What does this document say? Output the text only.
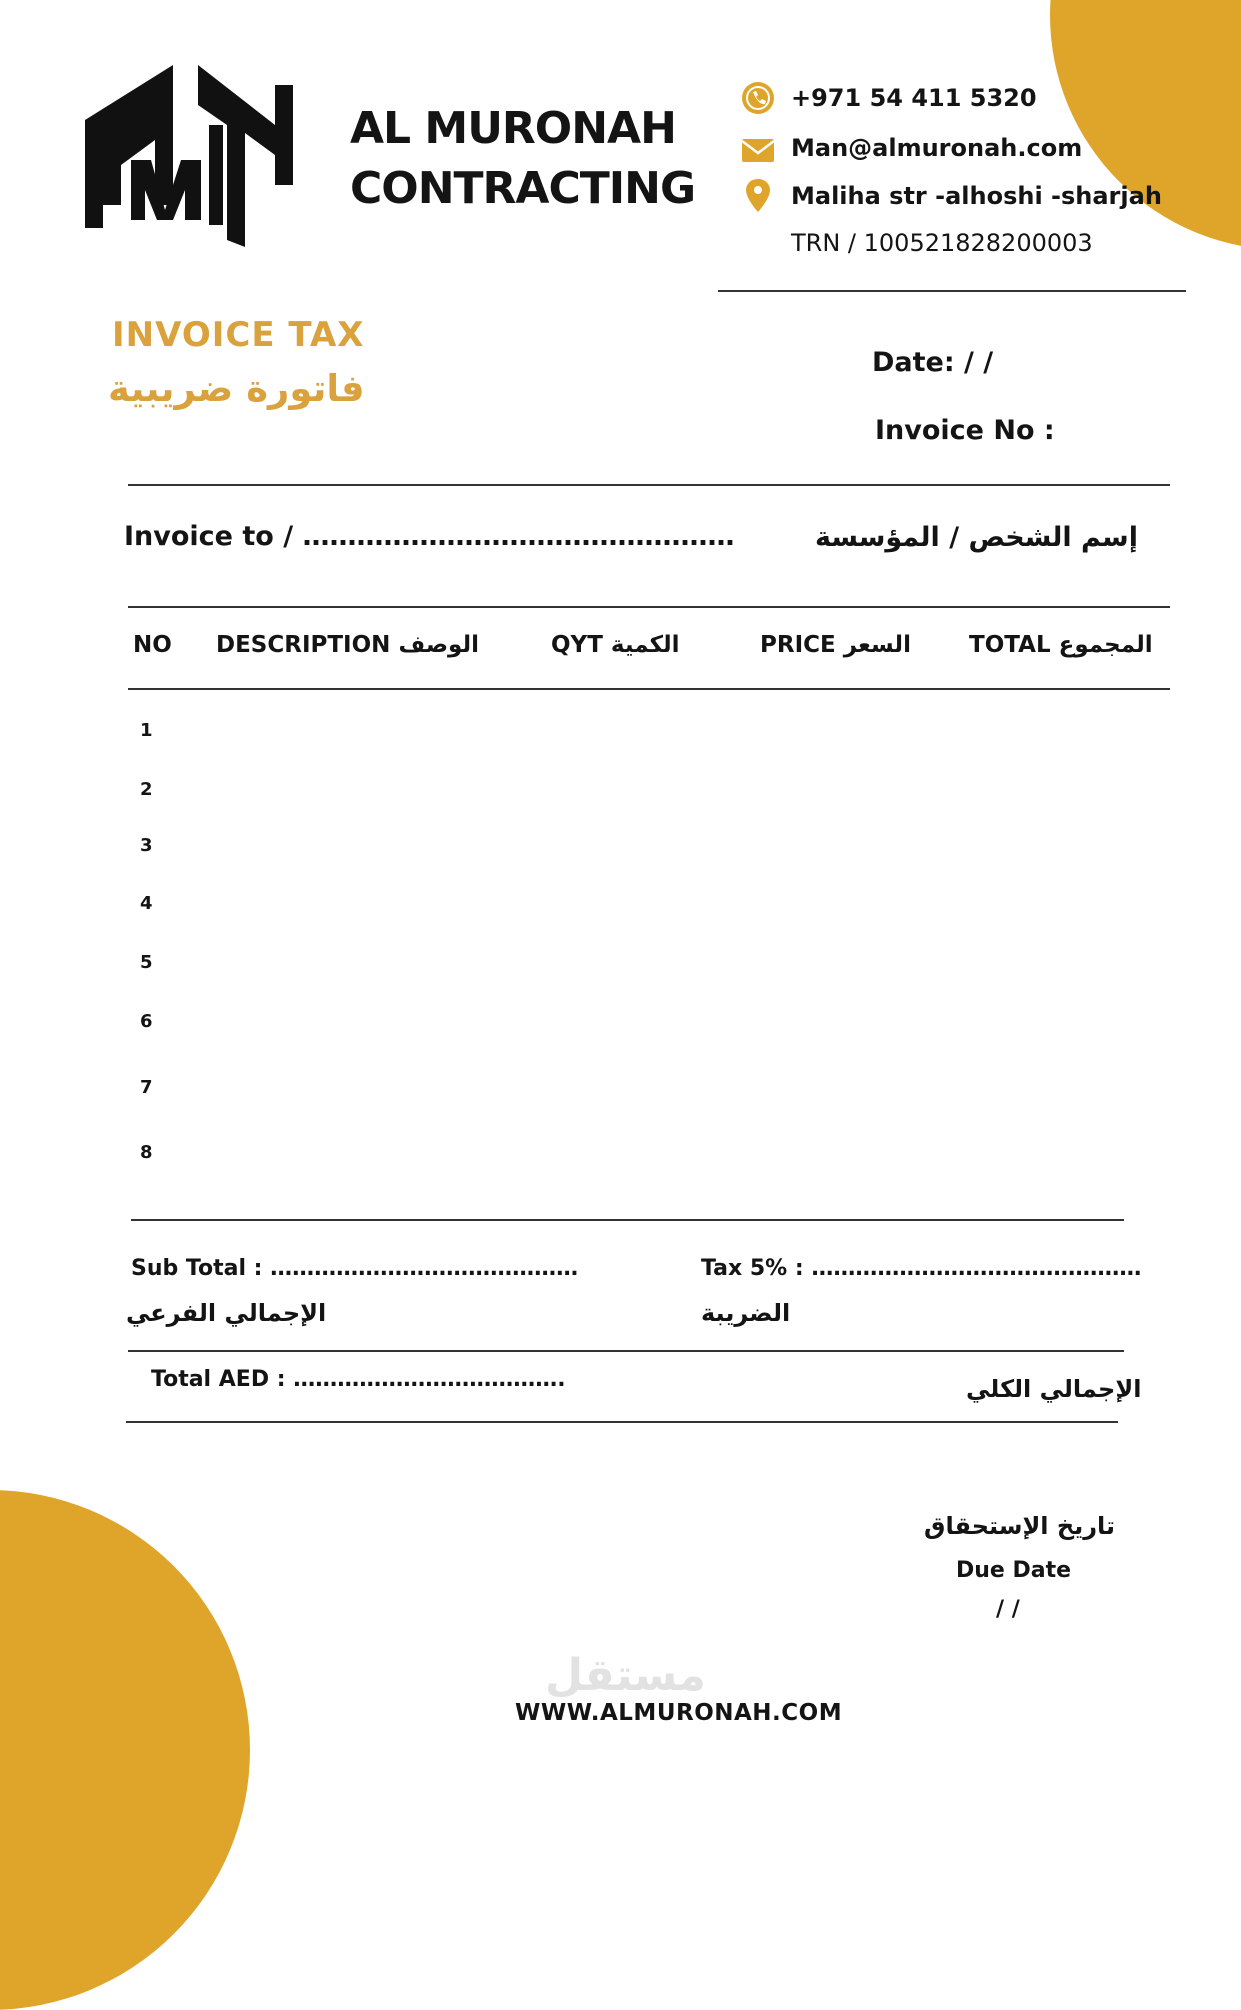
AL MURONAH
CONTRACTING
+971 54 411 5320
Man@almuronah.com
Maliha str -alhoshi -sharjah
TRN / 100521828200003
INVOICE TAX
فاتورة ضريبية
Date: / /
Invoice No :
Invoice to / …………………………………………	إسم الشخص / المؤسسة
NO DESCRIPTION الوصف	QYT الكمية	PRICE السعر	TOTAL المجموع
1
2
3
4
5
6
7
8
Sub Total : ……………………………………
الإجمالي الفرعي
Tax 5% : ………………………………………
الضريبة
Total AED : ……………………………….	الإجمالي الكلي
تاريخ الإستحقاق
Due Date
/ /
مستقل
WWW.ALMURONAH.COM
